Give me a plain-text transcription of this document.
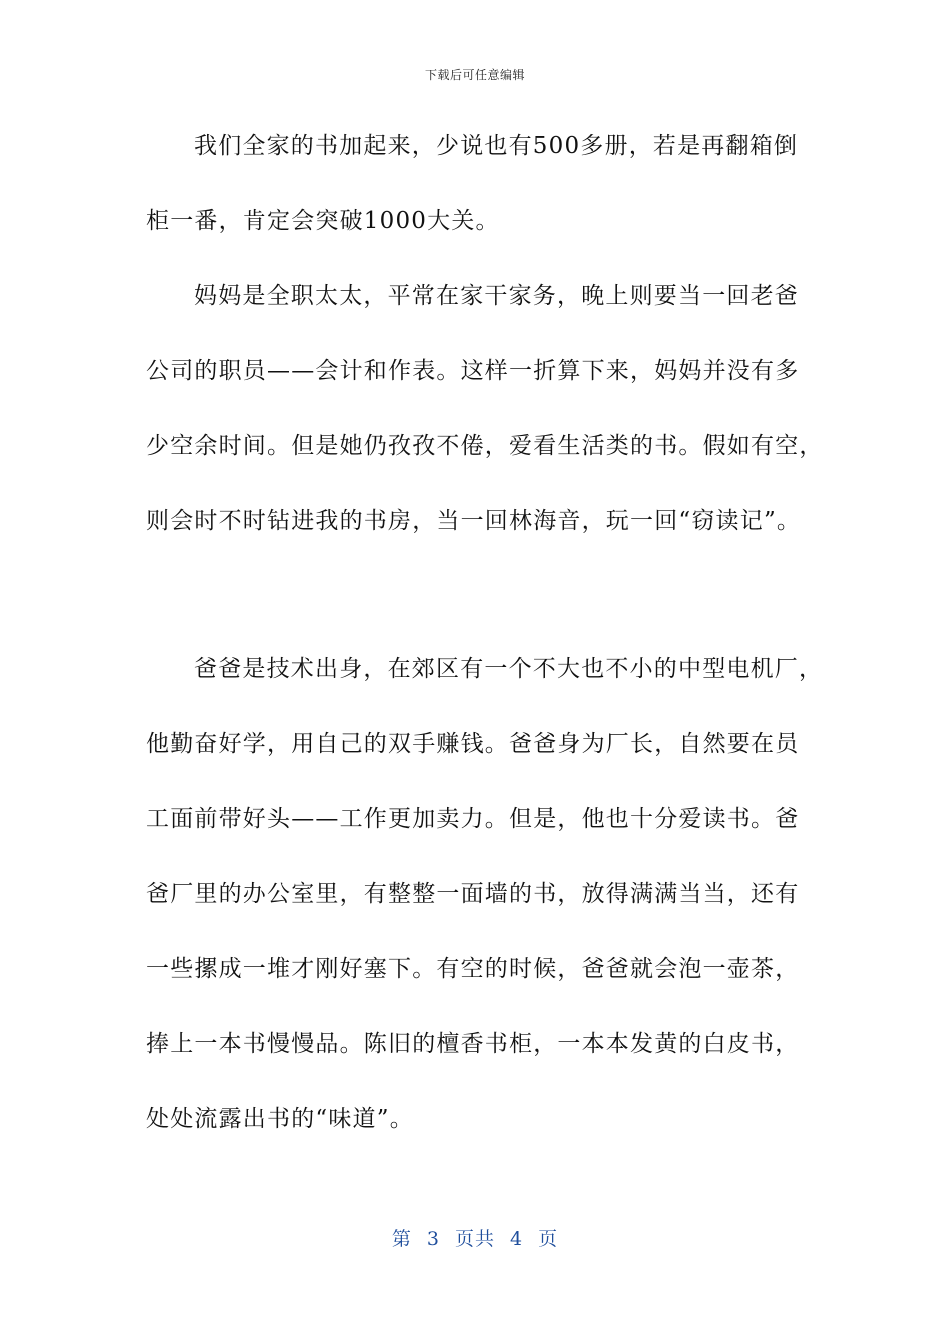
下载后可任意编辑
我们全家的书加起来，少说也有500多册，若是再翻箱倒
柜一番，肯定会突破1000大关。
妈妈是全职太太，平常在家干家务，晚上则要当一回老爸
公司的职员——会计和作表。这样一折算下来，妈妈并没有多
少空余时间。但是她仍孜孜不倦，爱看生活类的书。假如有空，
则会时不时钻进我的书房，当一回林海音，玩一回“窃读记”。
爸爸是技术出身，在郊区有一个不大也不小的中型电机厂，
他勤奋好学，用自己的双手赚钱。爸爸身为厂长，自然要在员
工面前带好头——工作更加卖力。但是，他也十分爱读书。爸
爸厂里的办公室里，有整整一面墙的书，放得满满当当，还有
一些摞成一堆才刚好塞下。有空的时候，爸爸就会泡一壶茶，
捧上一本书慢慢品。陈旧的檀香书柜，一本本发黄的白皮书，
处处流露出书的“味道”。
第 3 页共 4 页
